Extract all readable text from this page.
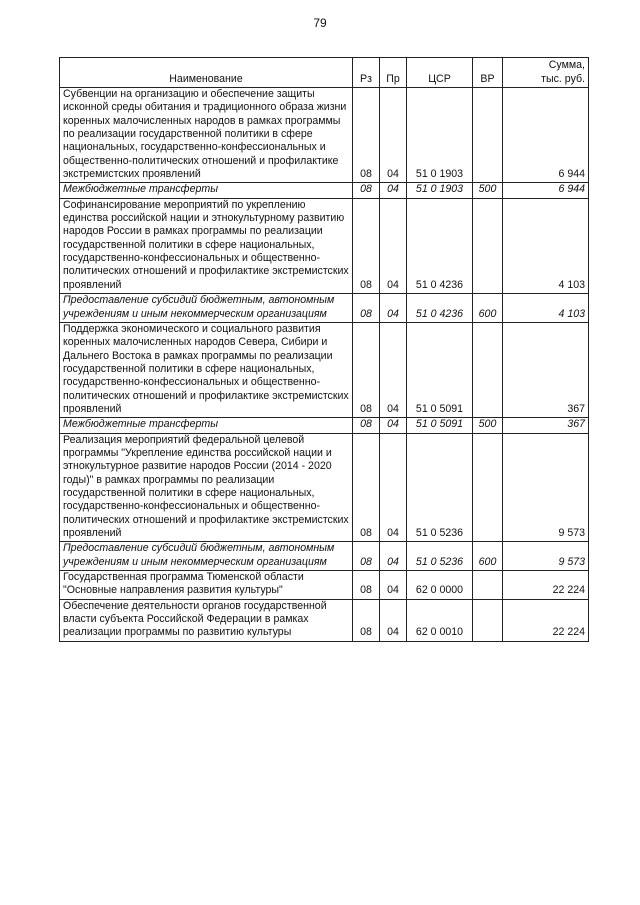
79
Наименование	Рз	Пр	ЦСР	ВР	Сумма,
тыс. руб.

Субвенции на организацию и обеспечение защиты исконной среды обитания и традиционного образа жизни коренных малочисленных народов в рамках программы по реализации государственной политики в сфере национальных, государственно-конфессиональных и общественно-политических отношений и профилактике экстремистских проявлений	08	04	51 0 1903		6 944
Межбюджетные трансферты	08	04	51 0 1903	500	6 944
Софинансирование мероприятий по укреплению единства российской нации и этнокультурному развитию народов России в рамках программы по реализации государственной политики в сфере национальных, государственно-конфессиональных и общественно-политических отношений и профилактике экстремистских проявлений	08	04	51 0 4236		4 103
Предоставление субсидий бюджетным, автономным учреждениям и иным некоммерческим организациям	08	04	51 0 4236	600	4 103
Поддержка экономического и социального развития коренных малочисленных народов Севера, Сибири и Дальнего Востока в рамках программы по реализации государственной политики в сфере национальных, государственно-конфессиональных и общественно-политических отношений и профилактике экстремистских проявлений	08	04	51 0 5091		367
Межбюджетные трансферты	08	04	51 0 5091	500	367
Реализация мероприятий федеральной целевой программы "Укрепление единства российской нации и этнокультурное развитие народов России (2014 - 2020 годы)" в рамках программы по реализации государственной политики в сфере национальных, государственно-конфессиональных и общественно-политических отношений и профилактике экстремистских проявлений	08	04	51 0 5236		9 573
Предоставление субсидий бюджетным, автономным учреждениям и иным некоммерческим организациям	08	04	51 0 5236	600	9 573
Государственная программа Тюменской области "Основные направления развития культуры"	08	04	62 0 0000		22 224
Обеспечение деятельности органов государственной власти субъекта Российской Федерации в рамках реализации программы по развитию культуры	08	04	62 0 0010		22 224
